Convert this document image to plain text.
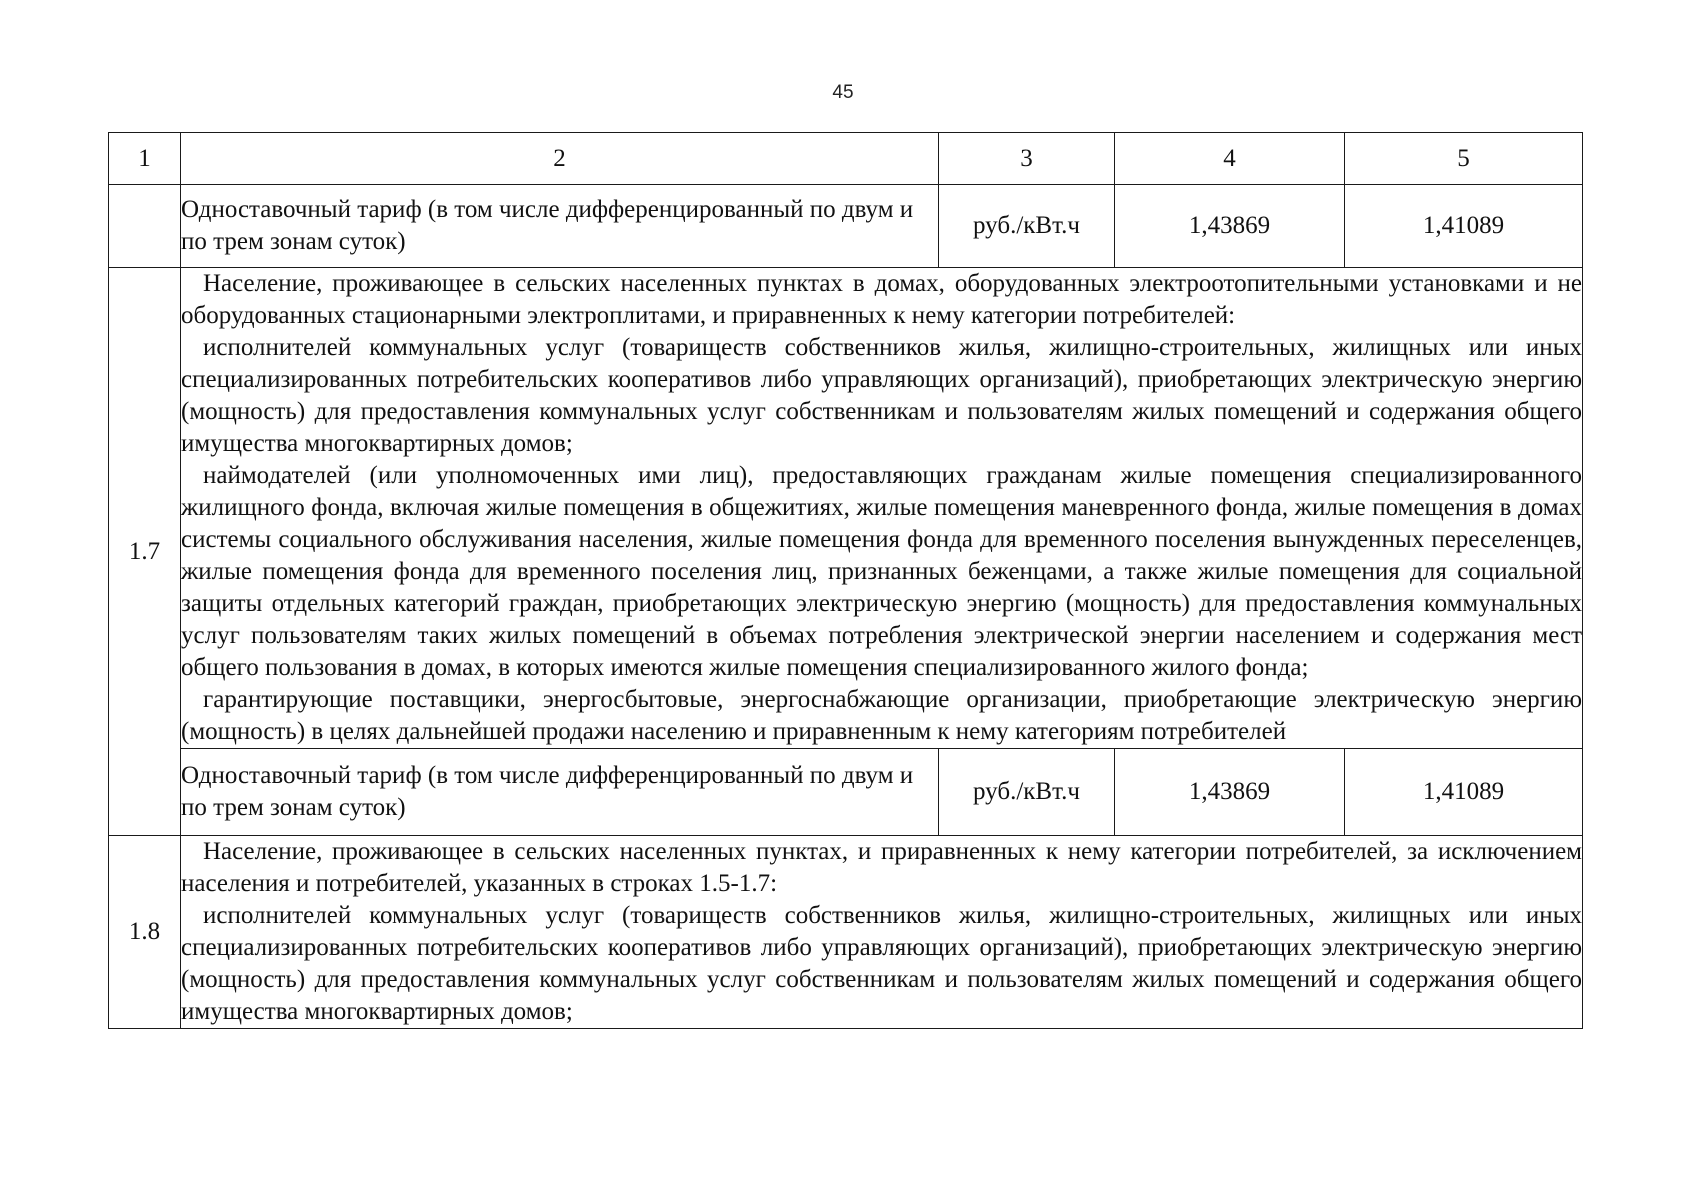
45
1	2	3	4	5
	Одноставочный тариф (в том числе дифференцированный по двум и по трем зонам суток)	руб./кВт.ч	1,43869	1,41089
1.7	Население, проживающее в сельских населенных пунктах в домах, оборудованных электроотопительными установками и не оборудованных стационарными электроплитами, и приравненных к нему категории потребителей:

исполнителей коммунальных услуг (товариществ собственников жилья, жилищно-строительных, жилищных или иных специализированных потребительских кооперативов либо управляющих организаций), приобретающих электрическую энергию (мощность) для предоставления коммунальных услуг собственникам и пользователям жилых помещений и содержания общего имущества многоквартирных домов;

наймодателей (или уполномоченных ими лиц), предоставляющих гражданам жилые помещения специализированного жилищного фонда, включая жилые помещения в общежитиях, жилые помещения маневренного фонда, жилые помещения в домах системы социального обслуживания населения, жилые помещения фонда для временного поселения вынужденных переселенцев, жилые помещения фонда для временного поселения лиц, признанных беженцами, а также жилые помещения для социальной защиты отдельных категорий граждан, приобретающих электрическую энергию (мощность) для предоставления коммунальных услуг пользователям таких жилых помещений в объемах потребления электрической энергии населением и содержания мест общего пользования в домах, в которых имеются жилые помещения специализированного жилого фонда;

гарантирующие поставщики, энергосбытовые, энергоснабжающие организации, приобретающие электрическую энергию (мощность) в целях дальнейшей продажи населению и приравненным к нему категориям потребителей			

	Одноставочный тариф (в том числе дифференцированный по двум и по трем зонам суток)	руб./кВт.ч	1,43869	1,41089
1.8	Население, проживающее в сельских населенных пунктах, и приравненных к нему категории потребителей, за исключением населения и потребителей, указанных в строках 1.5-1.7:

исполнителей коммунальных услуг (товариществ собственников жилья, жилищно-строительных, жилищных или иных специализированных потребительских кооперативов либо управляющих организаций), приобретающих электрическую энергию (мощность) для предоставления коммунальных услуг собственникам и пользователям жилых помещений и содержания общего имущества многоквартирных домов;			
